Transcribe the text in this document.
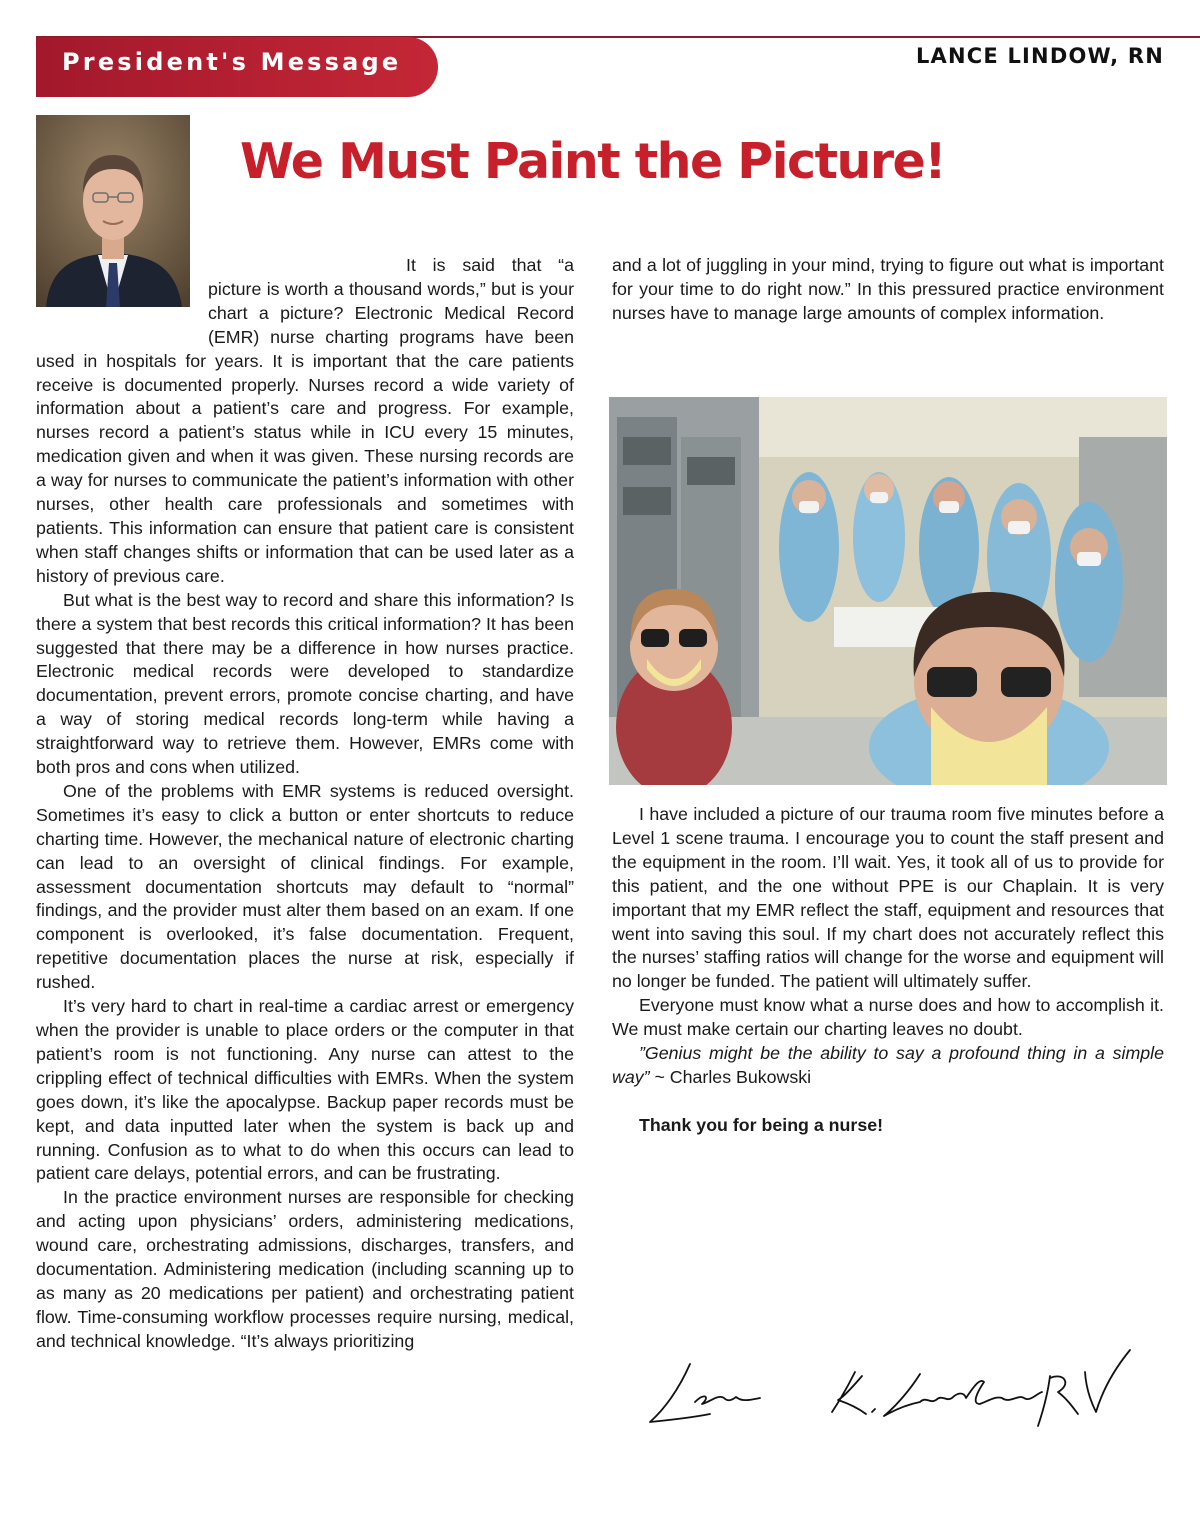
President's Message	LANCE LINDOW, RN
We Must Paint the Picture!

It is said that “a picture is worth a thousand words,” but is your chart a picture? Electronic Medical Record (EMR) nurse charting programs have been used in hospitals for years. It is important that the care patients receive is documented properly. Nurses record a wide variety of information about a patient’s care and progress. For example, nurses record a patient’s status while in ICU every 15 minutes, medication given and when it was given. These nursing records are a way for nurses to communicate the patient’s information with other nurses, other health care professionals and sometimes with patients. This information can ensure that patient care is consistent when staff changes shifts or information that can be used later as a history of previous care.

But what is the best way to record and share this information? Is there a system that best records this critical information? It has been suggested that there may be a difference in how nurses practice. Electronic medical records were developed to standardize documentation, prevent errors, promote concise charting, and have a way of storing medical records long-term while having a straightforward way to retrieve them. However, EMRs come with both pros and cons when utilized.

One of the problems with EMR systems is reduced oversight. Sometimes it’s easy to click a button or enter shortcuts to reduce charting time. However, the mechanical nature of electronic charting can lead to an oversight of clinical findings. For example, assessment documentation shortcuts may default to “normal” findings, and the provider must alter them based on an exam. If one component is overlooked, it’s false documentation. Frequent, repetitive documentation places the nurse at risk, especially if rushed.

It’s very hard to chart in real-time a cardiac arrest or emergency when the provider is unable to place orders or the computer in that patient’s room is not functioning. Any nurse can attest to the crippling effect of technical difficulties with EMRs. When the system goes down, it’s like the apocalypse. Backup paper records must be kept, and data inputted later when the system is back up and running. Confusion as to what to do when this occurs can lead to patient care delays, potential errors, and can be frustrating.

In the practice environment nurses are responsible for checking and acting upon physicians’ orders, administering medications, wound care, orchestrating admissions, discharges, transfers, and documentation. Administering medication (including scanning up to as many as 20 medications per patient) and orchestrating patient flow. Time-consuming workflow processes require nursing, medical, and technical knowledge. “It’s always prioritizing

and a lot of juggling in your mind, trying to figure out what is important for your time to do right now.” In this pressured practice environment nurses have to manage large amounts of complex information.

I have included a picture of our trauma room five minutes before a Level 1 scene trauma. I encourage you to count the staff present and the equipment in the room. I’ll wait. Yes, it took all of us to provide for this patient, and the one without PPE is our Chaplain. It is very important that my EMR reflect the staff, equipment and resources that went into saving this soul. If my chart does not accurately reflect this the nurses’ staffing ratios will change for the worse and equipment will no longer be funded. The patient will ultimately suffer.

Everyone must know what a nurse does and how to accomplish it. We must make certain our charting leaves no doubt.

”Genius might be the ability to say a profound thing in a simple way” ~ Charles Bukowski

Thank you for being a nurse!
